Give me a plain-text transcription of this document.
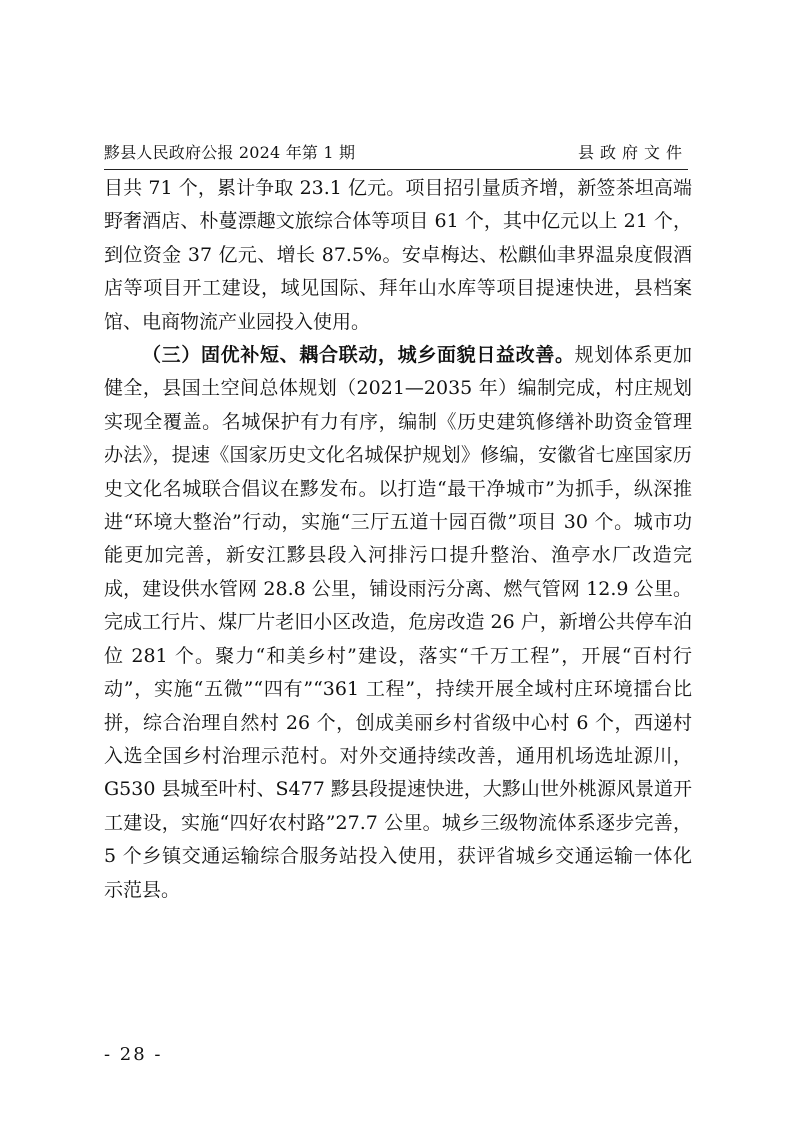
黟县人民政府公报 2024 年第 1 期	县政府文件

目共 71 个，累计争取 23.1 亿元。项目招引量质齐增，新签茶坦高端野奢酒店、朴蔓漂趣文旅综合体等项目 61 个，其中亿元以上 21 个，到位资金 37 亿元、增长 87.5%。安卓梅达、松麒仙聿界温泉度假酒店等项目开工建设，域见国际、拜年山水库等项目提速快进，县档案馆、电商物流产业园投入使用。

（三）固优补短、耦合联动，城乡面貌日益改善。规划体系更加健全，县国土空间总体规划（2021—2035 年）编制完成，村庄规划实现全覆盖。名城保护有力有序，编制《历史建筑修缮补助资金管理办法》，提速《国家历史文化名城保护规划》修编，安徽省七座国家历史文化名城联合倡议在黟发布。以打造“最干净城市”为抓手，纵深推进“环境大整治”行动，实施“三厅五道十园百微”项目 30 个。城市功能更加完善，新安江黟县段入河排污口提升整治、渔亭水厂改造完成，建设供水管网 28.8 公里，铺设雨污分离、燃气管网 12.9 公里。完成工行片、煤厂片老旧小区改造，危房改造 26 户，新增公共停车泊位 281 个。聚力“和美乡村”建设，落实“千万工程”，开展“百村行动”，实施“五微”“四有”“361 工程”，持续开展全域村庄环境擂台比拼，综合治理自然村 26 个，创成美丽乡村省级中心村 6 个，西递村入选全国乡村治理示范村。对外交通持续改善，通用机场选址源川，G530 县城至叶村、S477 黟县段提速快进，大黟山世外桃源风景道开工建设，实施“四好农村路”27.7 公里。城乡三级物流体系逐步完善，5 个乡镇交通运输综合服务站投入使用，获评省城乡交通运输一体化示范县。

- 28 -
